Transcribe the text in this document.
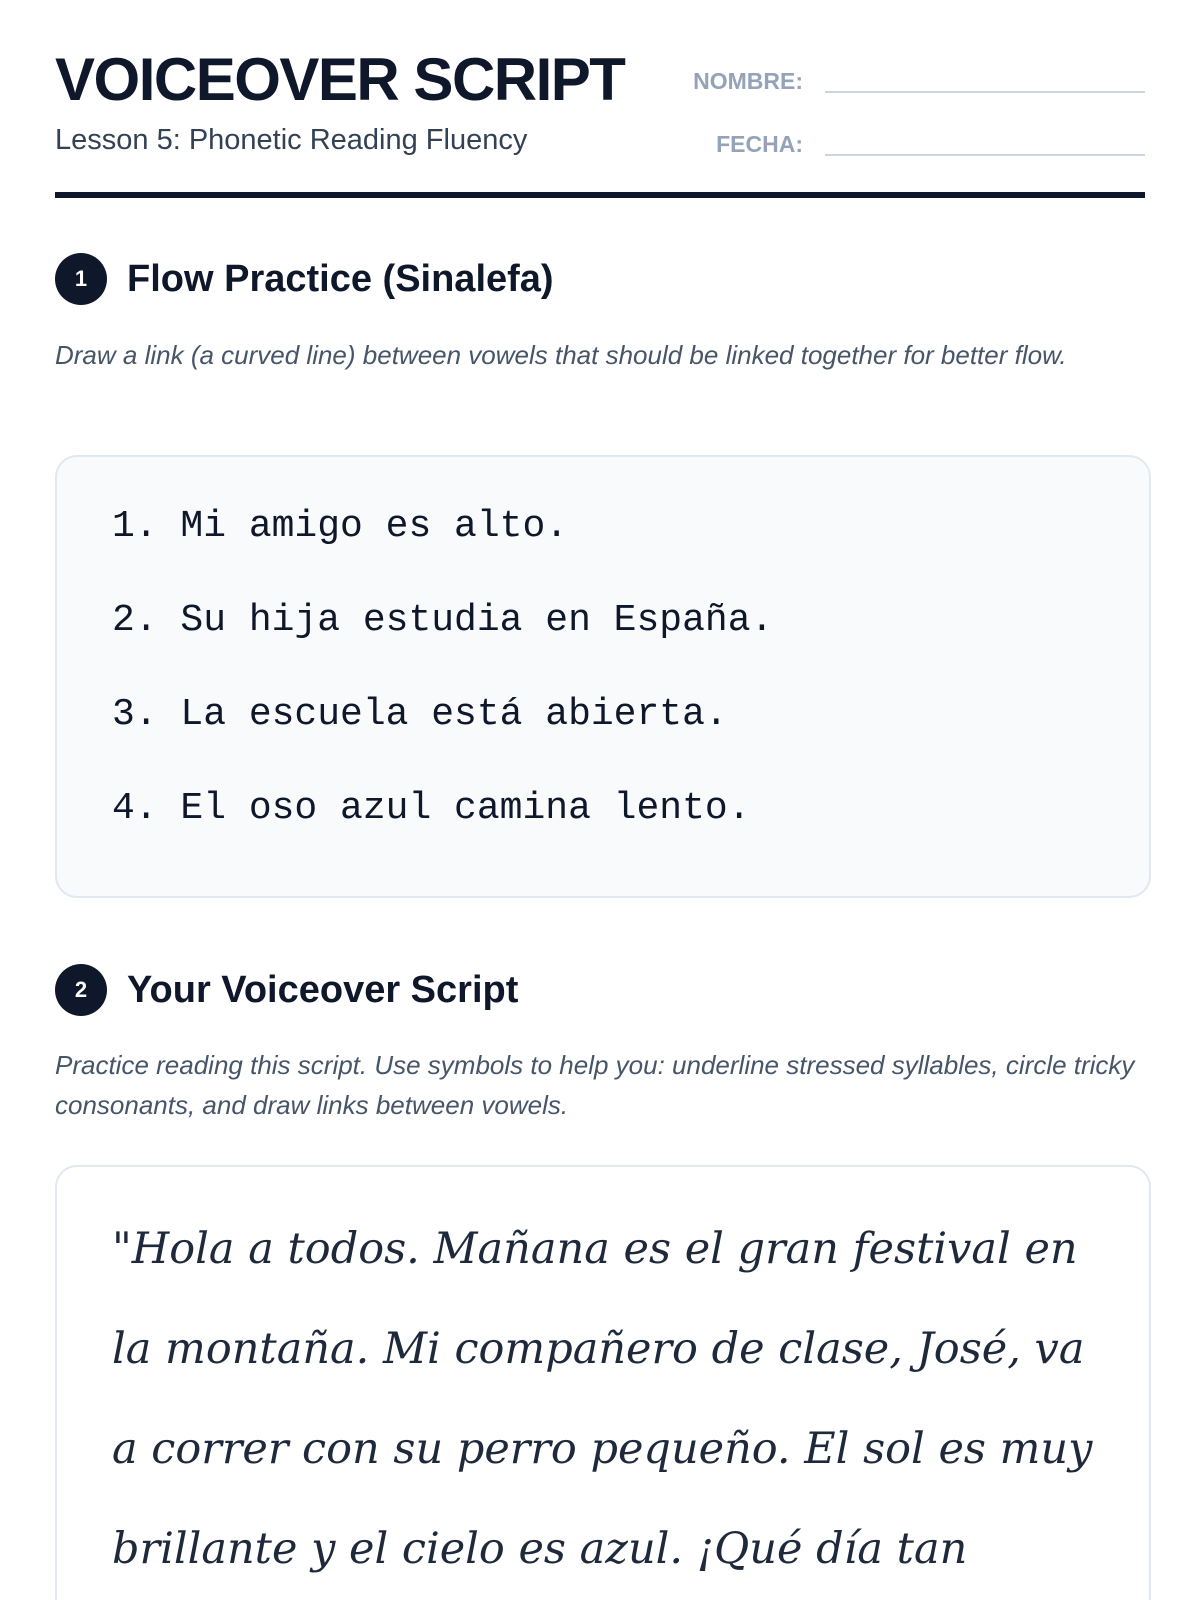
VOICEOVER SCRIPT
Lesson 5: Phonetic Reading Fluency
NOMBRE:
FECHA:
1	Flow Practice (Sinalefa)
Draw a link (a curved line) between vowels that should be linked together for better flow.
1. Mi amigo es alto.
2. Su hija estudia en España.
3. La escuela está abierta.
4. El oso azul camina lento.
2	Your Voiceover Script
Practice reading this script. Use symbols to help you: underline stressed syllables, circle tricky consonants, and draw links between vowels.

"Hola a todos. Mañana es el gran festival en la montaña. Mi compañero de clase, José, va a correr con su perro pequeño. El sol es muy brillante y el cielo es azul. ¡Qué día tan
